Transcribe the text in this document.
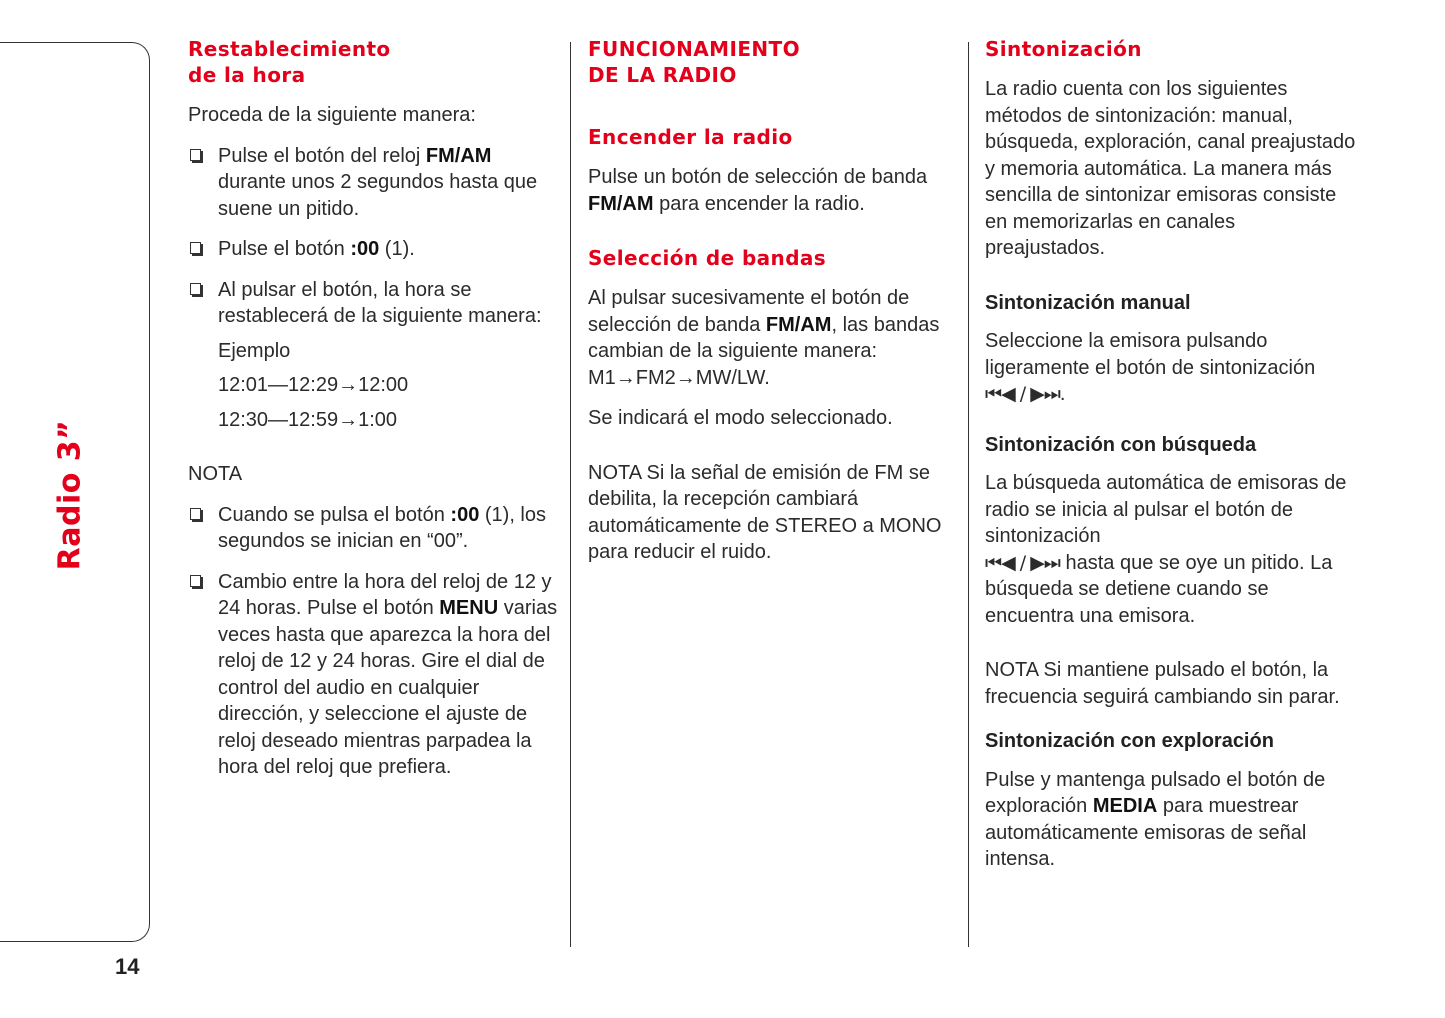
Radio 3”
14
Restablecimiento
de la hora

Proceda de la siguiente manera:

Pulse el botón del reloj FM/AM durante unos 2 segundos hasta que suene un pitido.
Pulse el botón :00 (1).
Al pulsar el botón, la hora se restablecerá de la siguiente manera:

Ejemplo

12:01—12:29→12:00

12:30—12:59→1:00

NOTA

Cuando se pulsa el botón :00 (1), los segundos se inician en “00”.
Cambio entre la hora del reloj de 12 y 24 horas. Pulse el botón MENU varias veces hasta que aparezca la hora del reloj de 12 y 24 horas. Gire el dial de control del audio en cualquier dirección, y seleccione el ajuste de reloj deseado mientras parpadea la hora del reloj que prefiera.
FUNCIONAMIENTO
DE LA RADIO
Encender la radio

Pulse un botón de selección de banda FM/AM para encender la radio.

Selección de bandas

Al pulsar sucesivamente el botón de selección de banda FM/AM, las bandas cambian de la siguiente manera: M1→FM2→MW/LW.

Se indicará el modo seleccionado.

NOTA Si la señal de emisión de FM se debilita, la recepción cambiará automáticamente de STEREO a MONO para reducir el ruido.

Sintonización

La radio cuenta con los siguientes métodos de sintonización: manual, búsqueda, exploración, canal preajustado y memoria automática. La manera más sencilla de sintonizar emisoras consiste en memorizarlas en canales preajustados.

Sintonización manual

Seleccione la emisora pulsando ligeramente el botón de sintonización
⏮◀ / ▶⏭.

Sintonización con búsqueda

La búsqueda automática de emisoras de radio se inicia al pulsar el botón de sintonización
⏮◀ / ▶⏭ hasta que se oye un pitido. La búsqueda se detiene cuando se encuentra una emisora.

NOTA Si mantiene pulsado el botón, la frecuencia seguirá cambiando sin parar.

Sintonización con exploración

Pulse y mantenga pulsado el botón de exploración MEDIA para muestrear automáticamente emisoras de señal intensa.
